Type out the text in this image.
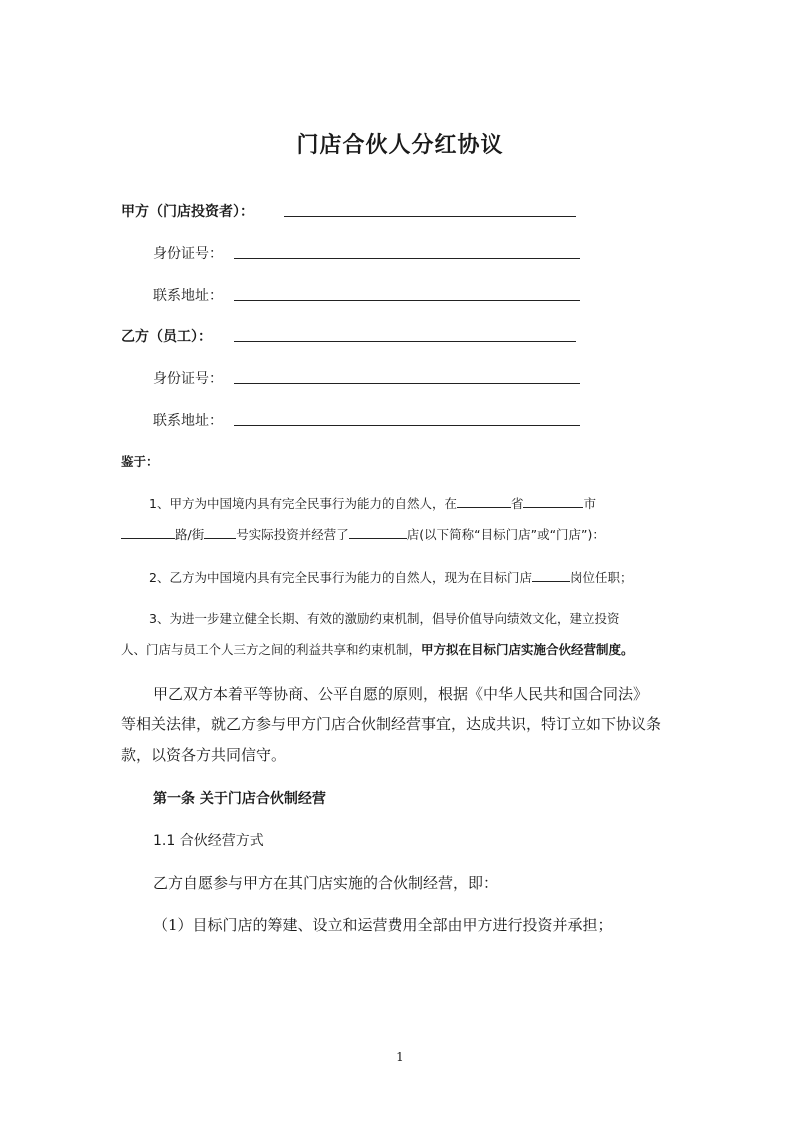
门店合伙人分红协议
甲方（门店投资者）：
身份证号：
联系地址：
乙方（员工）：
身份证号：
联系地址：
鉴于：
1、甲方为中国境内具有完全民事行为能力的自然人，在	省	市
路/街	号实际投资并经营了	店(以下简称“目标门店”或“门店”)：
2、乙方为中国境内具有完全民事行为能力的自然人，现为在目标门店	岗位任职；
3、为进一步建立健全长期、有效的激励约束机制，倡导价值导向绩效文化，建立投资
人、门店与员工个人三方之间的利益共享和约束机制，甲方拟在目标门店实施合伙经营制度。
甲乙双方本着平等协商、公平自愿的原则，根据《中华人民共和国合同法》
等相关法律，就乙方参与甲方门店合伙制经营事宜，达成共识，特订立如下协议条
款，以资各方共同信守。
第一条 关于门店合伙制经营
1.1 合伙经营方式
乙方自愿参与甲方在其门店实施的合伙制经营，即：
（1）目标门店的筹建、设立和运营费用全部由甲方进行投资并承担；
1
